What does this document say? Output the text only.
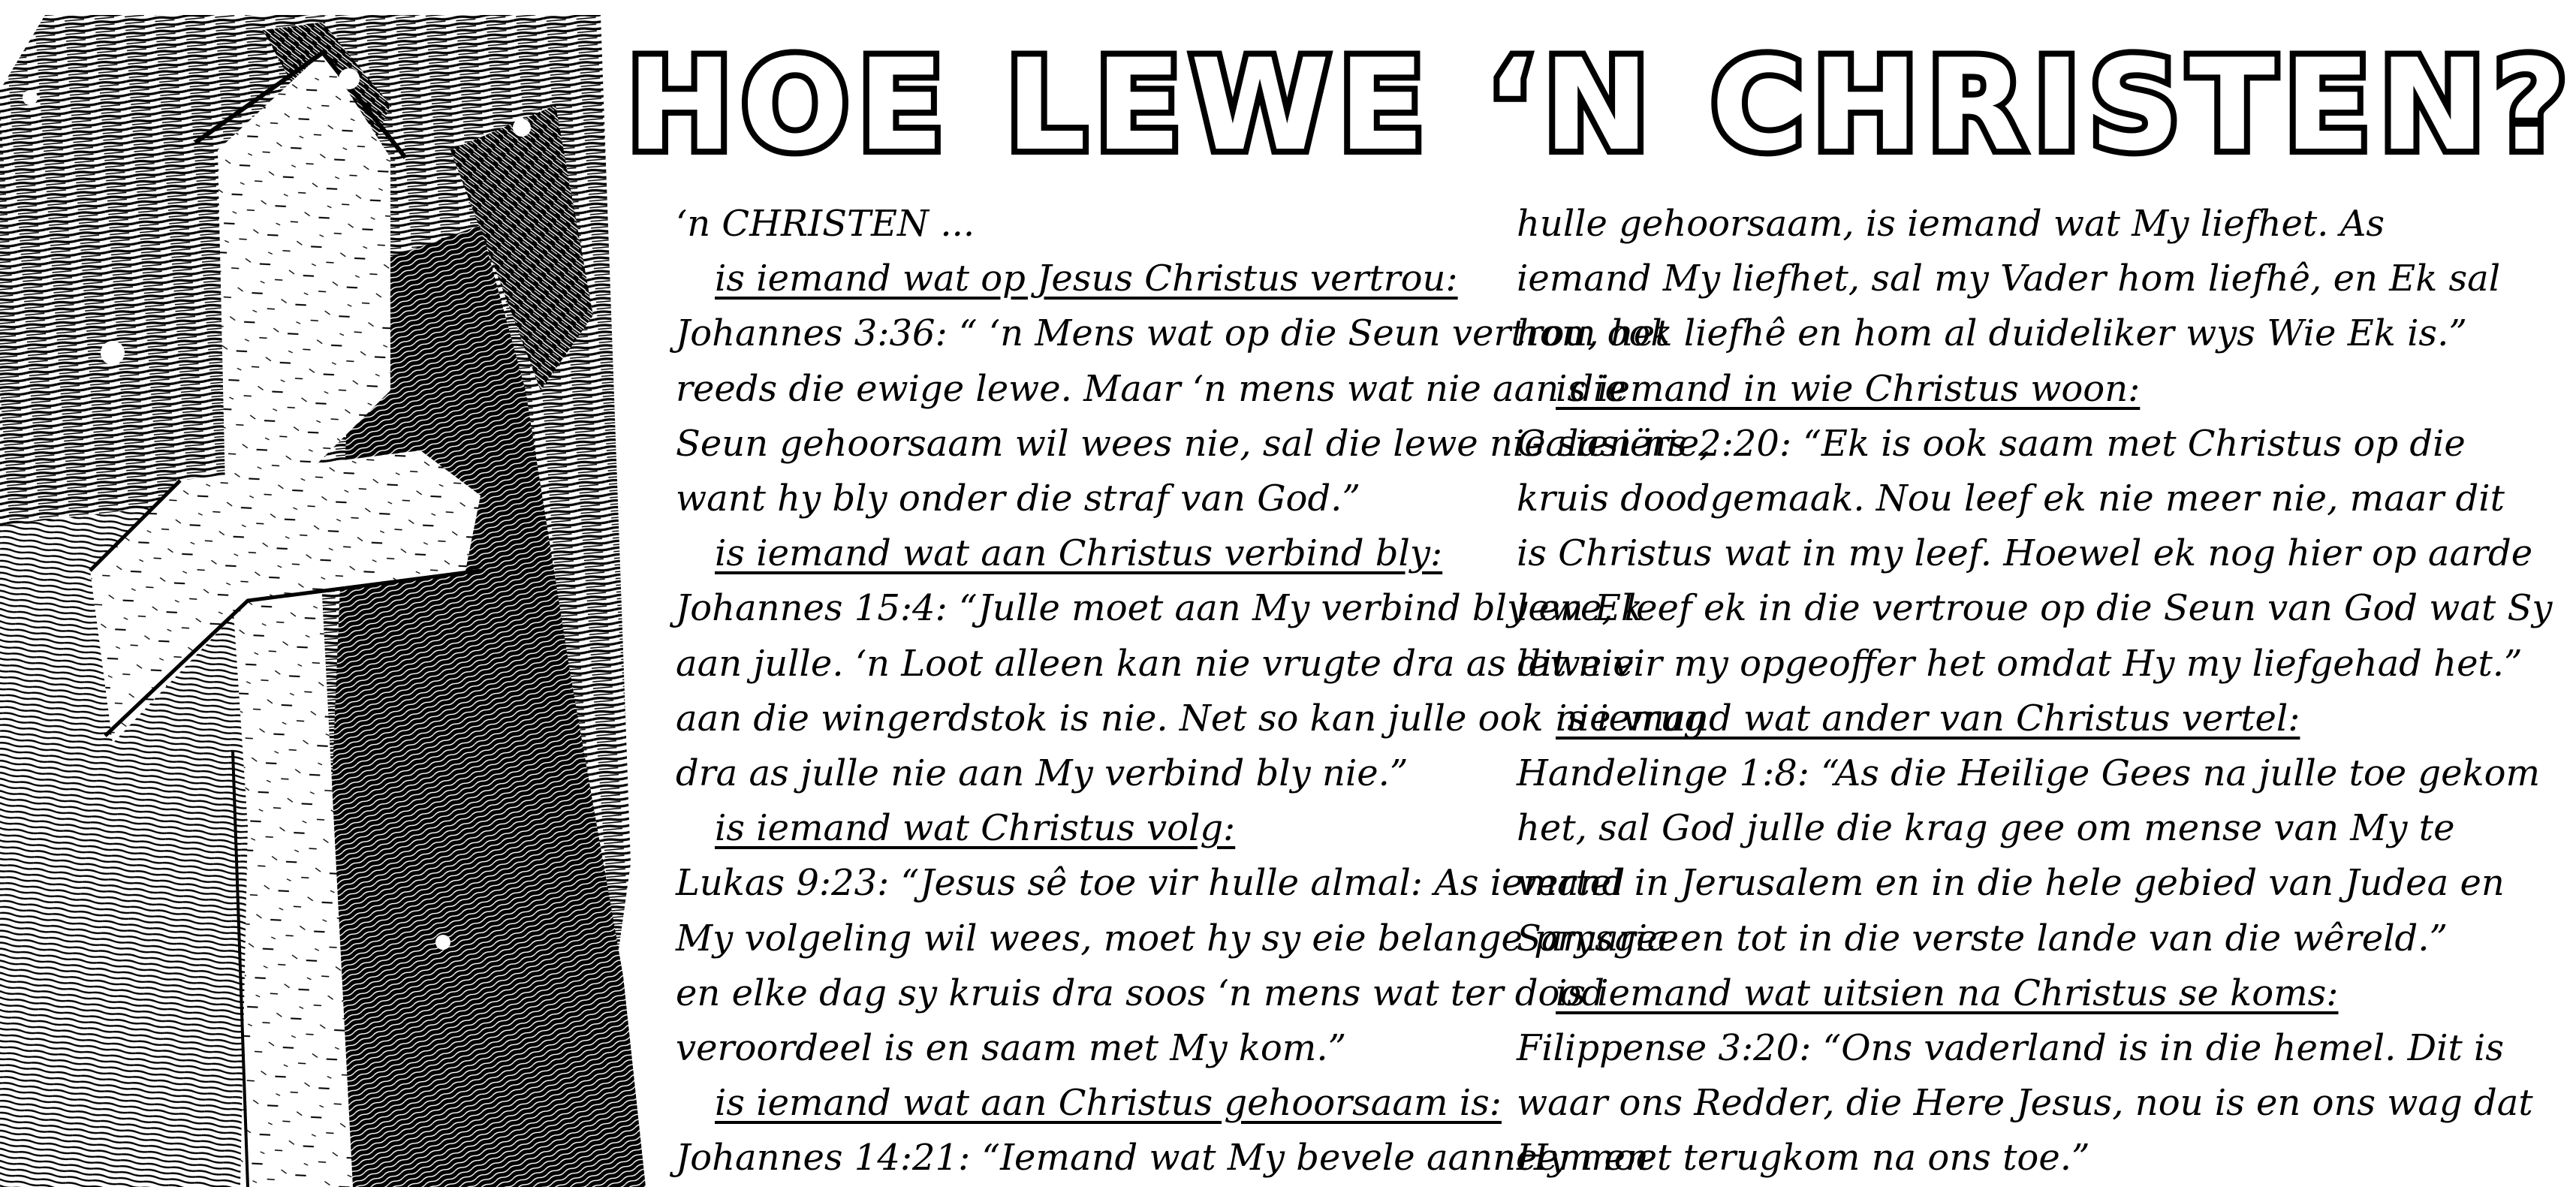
HOE LEWE ‘N CHRISTEN?
‘n CHRISTEN ...
is iemand wat op Jesus Christus vertrou:
Johannes 3:36: “ ‘n Mens wat op die Seun vertrou, het
reeds die ewige lewe. Maar ‘n mens wat nie aan die
Seun gehoorsaam wil wees nie, sal die lewe nie sien nie,
want hy bly onder die straf van God.”
is iemand wat aan Christus verbind bly:
Johannes 15:4: “Julle moet aan My verbind bly en Ek
aan julle. ‘n Loot alleen kan nie vrugte dra as dit nie
aan die wingerdstok is nie. Net so kan julle ook nie vrug
dra as julle nie aan My verbind bly nie.”
is iemand wat Christus volg:
Lukas 9:23: “Jesus sê toe vir hulle almal: As iemand
My volgeling wil wees, moet hy sy eie belange prysgee
en elke dag sy kruis dra soos ‘n mens wat ter dood
veroordeel is en saam met My kom.”
is iemand wat aan Christus gehoorsaam is:
Johannes 14:21: “Iemand wat My bevele aanneem en
hulle gehoorsaam, is iemand wat My liefhet. As
iemand My liefhet, sal my Vader hom liefhê, en Ek sal
hom ook liefhê en hom al duideliker wys Wie Ek is.”
is iemand in wie Christus woon:
Galasiërs 2:20: “Ek is ook saam met Christus op die
kruis doodgemaak. Nou leef ek nie meer nie, maar dit
is Christus wat in my leef. Hoewel ek nog hier op aarde
lewe, leef ek in die vertroue op die Seun van God wat Sy
lewe vir my opgeoffer het omdat Hy my liefgehad het.”
is iemand wat ander van Christus vertel:
Handelinge 1:8: “As die Heilige Gees na julle toe gekom
het, sal God julle die krag gee om mense van My te
vertel in Jerusalem en in die hele gebied van Judea en
Samaria en tot in die verste lande van die wêreld.”
is iemand wat uitsien na Christus se koms:
Filippense 3:20: “Ons vaderland is in die hemel. Dit is
waar ons Redder, die Here Jesus, nou is en ons wag dat
Hy moet terugkom na ons toe.”
